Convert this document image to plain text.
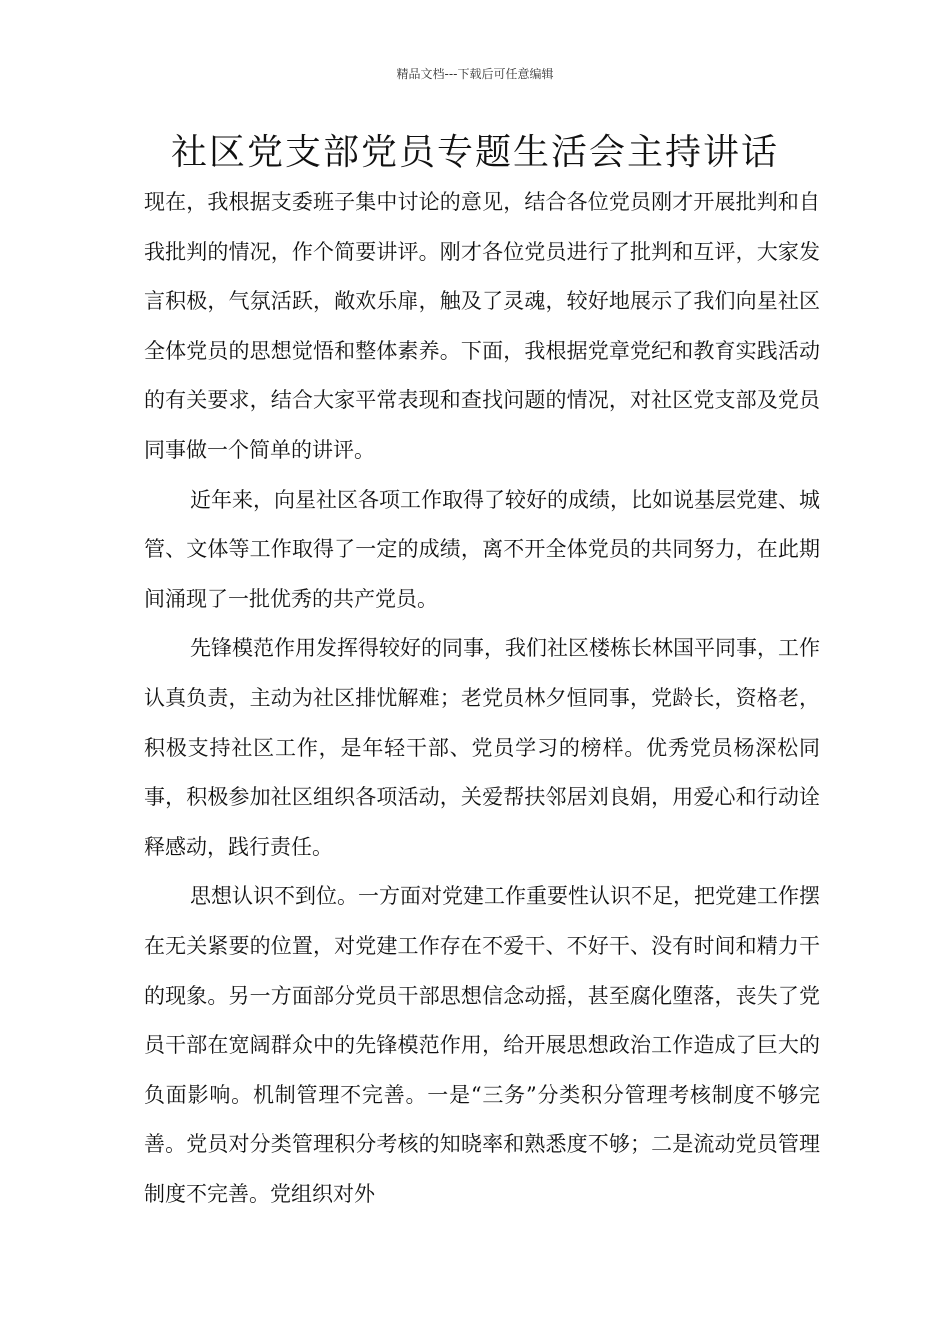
精品文档---下载后可任意编辑
社区党支部党员专题生活会主持讲话

现在，我根据支委班子集中讨论的意见，结合各位党员刚才开展批判和自我批判的情况，作个简要讲评。刚才各位党员进行了批判和互评，大家发言积极，气氛活跃，敞欢乐扉，触及了灵魂，较好地展示了我们向星社区全体党员的思想觉悟和整体素养。下面，我根据党章党纪和教育实践活动的有关要求，结合大家平常表现和查找问题的情况，对社区党支部及党员同事做一个简单的讲评。

近年来，向星社区各项工作取得了较好的成绩，比如说基层党建、城管、文体等工作取得了一定的成绩，离不开全体党员的共同努力，在此期间涌现了一批优秀的共产党员。

先锋模范作用发挥得较好的同事，我们社区楼栋长林国平同事，工作认真负责，主动为社区排忧解难；老党员林夕恒同事，党龄长，资格老，积极支持社区工作，是年轻干部、党员学习的榜样。优秀党员杨深松同事，积极参加社区组织各项活动，关爱帮扶邻居刘良娟，用爱心和行动诠释感动，践行责任。

思想认识不到位。一方面对党建工作重要性认识不足，把党建工作摆在无关紧要的位置，对党建工作存在不爱干、不好干、没有时间和精力干的现象。另一方面部分党员干部思想信念动摇，甚至腐化堕落，丧失了党员干部在宽阔群众中的先锋模范作用，给开展思想政治工作造成了巨大的负面影响。机制管理不完善。一是“三务”分类积分管理考核制度不够完善。党员对分类管理积分考核的知晓率和熟悉度不够；二是流动党员管理制度不完善。党组织对外
